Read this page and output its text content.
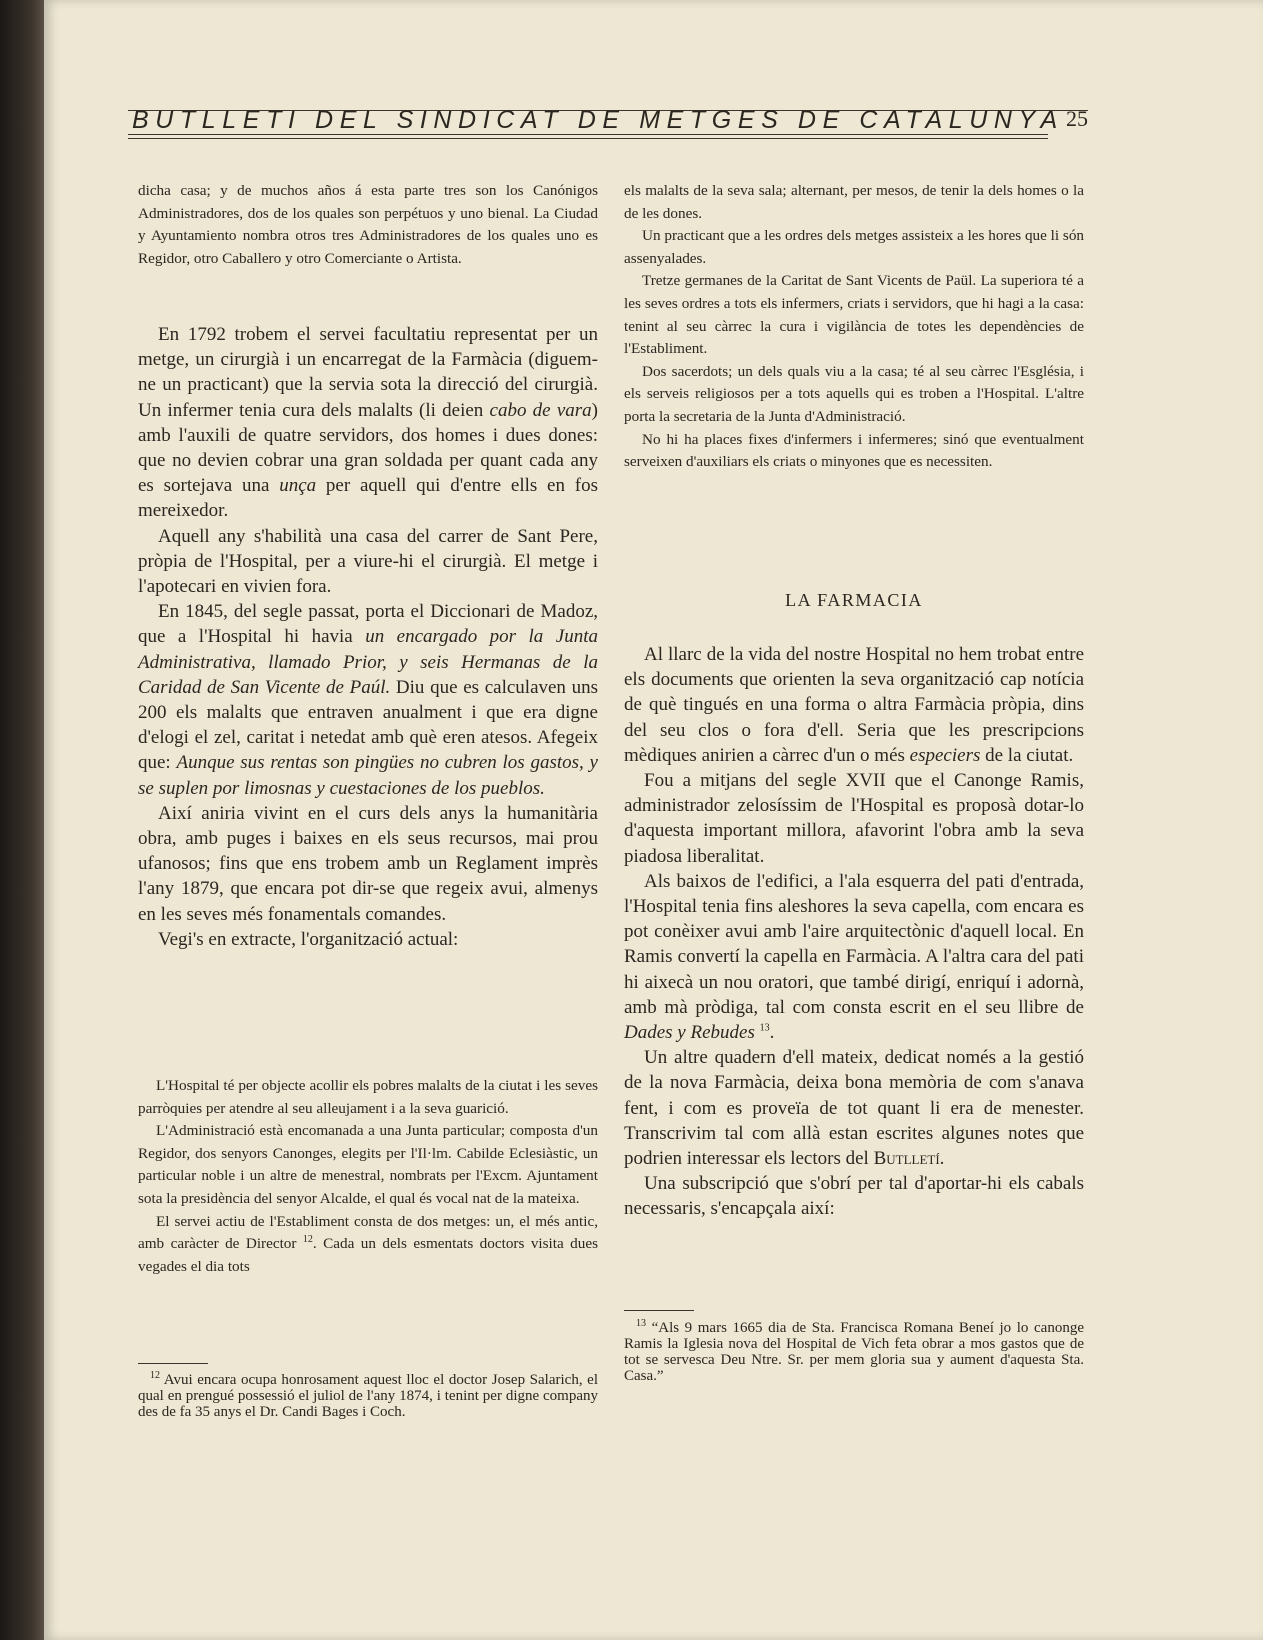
BUTLLETI DEL SINDICAT DE METGES DE CATALUNYA 25

dicha casa; y de muchos años á esta parte tres son los Canónigos Administradores, dos de los quales son perpétuos y uno bienal. La Ciudad y Ayuntamiento nombra otros tres Administradores de los quales uno es Regidor, otro Caballero y otro Comerciante o Artista.

En 1792 trobem el servei facultatiu representat per un metge, un cirurgià i un encarregat de la Farmàcia (diguem-ne un practicant) que la servia sota la direcció del cirurgià. Un infermer tenia cura dels malalts (li deien cabo de vara) amb l'auxili de quatre servidors, dos homes i dues dones: que no devien cobrar una gran soldada per quant cada any es sortejava una unça per aquell qui d'entre ells en fos mereixedor.

Aquell any s'habilità una casa del carrer de Sant Pere, pròpia de l'Hospital, per a viure-hi el cirurgià. El metge i l'apotecari en vivien fora.

En 1845, del segle passat, porta el Diccionari de Madoz, que a l'Hospital hi havia un encargado por la Junta Administrativa, llamado Prior, y seis Hermanas de la Caridad de San Vicente de Paúl. Diu que es calculaven uns 200 els malalts que entraven anualment i que era digne d'elogi el zel, caritat i netedat amb què eren atesos. Afegeix que: Aunque sus rentas son pingües no cubren los gastos, y se suplen por limosnas y cuestaciones de los pueblos.

Així aniria vivint en el curs dels anys la humanitària obra, amb puges i baixes en els seus recursos, mai prou ufanosos; fins que ens trobem amb un Reglament imprès l'any 1879, que encara pot dir-se que regeix avui, almenys en les seves més fonamentals comandes.

Vegi's en extracte, l'organització actual:

L'Hospital té per objecte acollir els pobres malalts de la ciutat i les seves parròquies per atendre al seu alleujament i a la seva guarició.

L'Administració està encomanada a una Junta particular; composta d'un Regidor, dos senyors Canonges, elegits per l'Il·lm. Cabilde Eclesiàstic, un particular noble i un altre de menestral, nombrats per l'Excm. Ajuntament sota la presidència del senyor Alcalde, el qual és vocal nat de la mateixa.

El servei actiu de l'Establiment consta de dos metges: un, el més antic, amb caràcter de Director $^{12}$. Cada un dels esmentats doctors visita dues vegades el dia tots

$^{12}$ Avui encara ocupa honrosament aquest lloc el doctor Josep Salarich, el qual en prengué possessió el juliol de l'any 1874, i tenint per digne company des de fa 35 anys el Dr. Candi Bages i Coch.

els malalts de la seva sala; alternant, per mesos, de tenir la dels homes o la de les dones.

Un practicant que a les ordres dels metges assisteix a les hores que li són assenyalades.

Tretze germanes de la Caritat de Sant Vicents de Paül. La superiora té a les seves ordres a tots els infermers, criats i servidors, que hi hagi a la casa: tenint al seu càrrec la cura i vigilància de totes les dependències de l'Establiment.

Dos sacerdots; un dels quals viu a la casa; té al seu càrrec l'Església, i els serveis religiosos per a tots aquells qui es troben a l'Hospital. L'altre porta la secretaria de la Junta d'Administració.

No hi ha places fixes d'infermers i infermeres; sinó que eventualment serveixen d'auxiliars els criats o minyones que es necessiten.

LA FARMACIA

Al llarc de la vida del nostre Hospital no hem trobat entre els documents que orienten la seva organització cap notícia de què tingués en una forma o altra Farmàcia pròpia, dins del seu clos o fora d'ell. Seria que les prescripcions mèdiques anirien a càrrec d'un o més especiers de la ciutat.

Fou a mitjans del segle XVII que el Canonge Ramis, administrador zelosíssim de l'Hospital es proposà dotar-lo d'aquesta important millora, afavorint l'obra amb la seva piadosa liberalitat.

Als baixos de l'edifici, a l'ala esquerra del pati d'entrada, l'Hospital tenia fins aleshores la seva capella, com encara es pot conèixer avui amb l'aire arquitectònic d'aquell local. En Ramis convertí la capella en Farmàcia. A l'altra cara del pati hi aixecà un nou oratori, que també dirigí, enriquí i adornà, amb mà pròdiga, tal com consta escrit en el seu llibre de Dades y Rebudes $^{13}$.

Un altre quadern d'ell mateix, dedicat només a la gestió de la nova Farmàcia, deixa bona memòria de com s'anava fent, i com es proveïa de tot quant li era de menester. Transcrivim tal com allà estan escrites algunes notes que podrien interessar els lectors del Butlletí.

Una subscripció que s'obrí per tal d'aportar-hi els cabals necessaris, s'encapçala així:

$^{13}$ “Als 9 mars 1665 dia de Sta. Francisca Romana Beneí jo lo canonge Ramis la Iglesia nova del Hospital de Vich feta obrar a mos gastos que de tot se servesca Deu Ntre. Sr. per mem gloria sua y aument d'aquesta Sta. Casa.”
